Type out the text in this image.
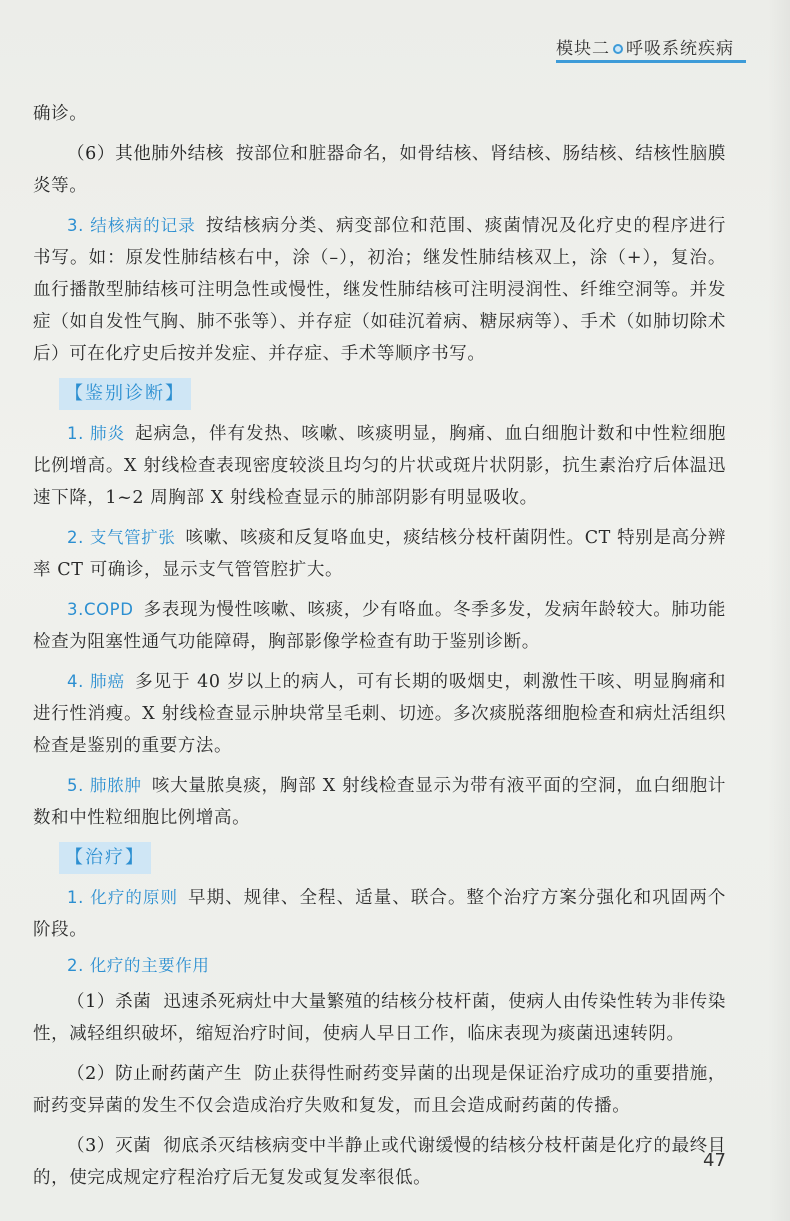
模块二 呼吸系统疾病

确诊。

（6）其他肺外结核 按部位和脏器命名，如骨结核、肾结核、肠结核、结核性脑膜炎等。

3. 结核病的记录 按结核病分类、病变部位和范围、痰菌情况及化疗史的程序进行书写。如：原发性肺结核右中，涂（–），初治；继发性肺结核双上，涂（+），复治。血行播散型肺结核可注明急性或慢性，继发性肺结核可注明浸润性、纤维空洞等。并发症（如自发性气胸、肺不张等）、并存症（如硅沉着病、糖尿病等）、手术（如肺切除术后）可在化疗史后按并发症、并存症、手术等顺序书写。

【鉴别诊断】

1. 肺炎 起病急，伴有发热、咳嗽、咳痰明显，胸痛、血白细胞计数和中性粒细胞比例增高。X 射线检查表现密度较淡且均匀的片状或斑片状阴影，抗生素治疗后体温迅速下降，1~2 周胸部 X 射线检查显示的肺部阴影有明显吸收。

2. 支气管扩张 咳嗽、咳痰和反复咯血史，痰结核分枝杆菌阴性。CT 特别是高分辨率 CT 可确诊，显示支气管管腔扩大。

3.COPD 多表现为慢性咳嗽、咳痰，少有咯血。冬季多发，发病年龄较大。肺功能检查为阻塞性通气功能障碍，胸部影像学检查有助于鉴别诊断。

4. 肺癌 多见于 40 岁以上的病人，可有长期的吸烟史，刺激性干咳、明显胸痛和进行性消瘦。X 射线检查显示肿块常呈毛刺、切迹。多次痰脱落细胞检查和病灶活组织检查是鉴别的重要方法。

5. 肺脓肿 咳大量脓臭痰，胸部 X 射线检查显示为带有液平面的空洞，血白细胞计数和中性粒细胞比例增高。

【治疗】

1. 化疗的原则 早期、规律、全程、适量、联合。整个治疗方案分强化和巩固两个阶段。

2. 化疗的主要作用

（1）杀菌 迅速杀死病灶中大量繁殖的结核分枝杆菌，使病人由传染性转为非传染性，减轻组织破坏，缩短治疗时间，使病人早日工作，临床表现为痰菌迅速转阴。

（2）防止耐药菌产生 防止获得性耐药变异菌的出现是保证治疗成功的重要措施，耐药变异菌的发生不仅会造成治疗失败和复发，而且会造成耐药菌的传播。

（3）灭菌 彻底杀灭结核病变中半静止或代谢缓慢的结核分枝杆菌是化疗的最终目的，使完成规定疗程治疗后无复发或复发率很低。

47
